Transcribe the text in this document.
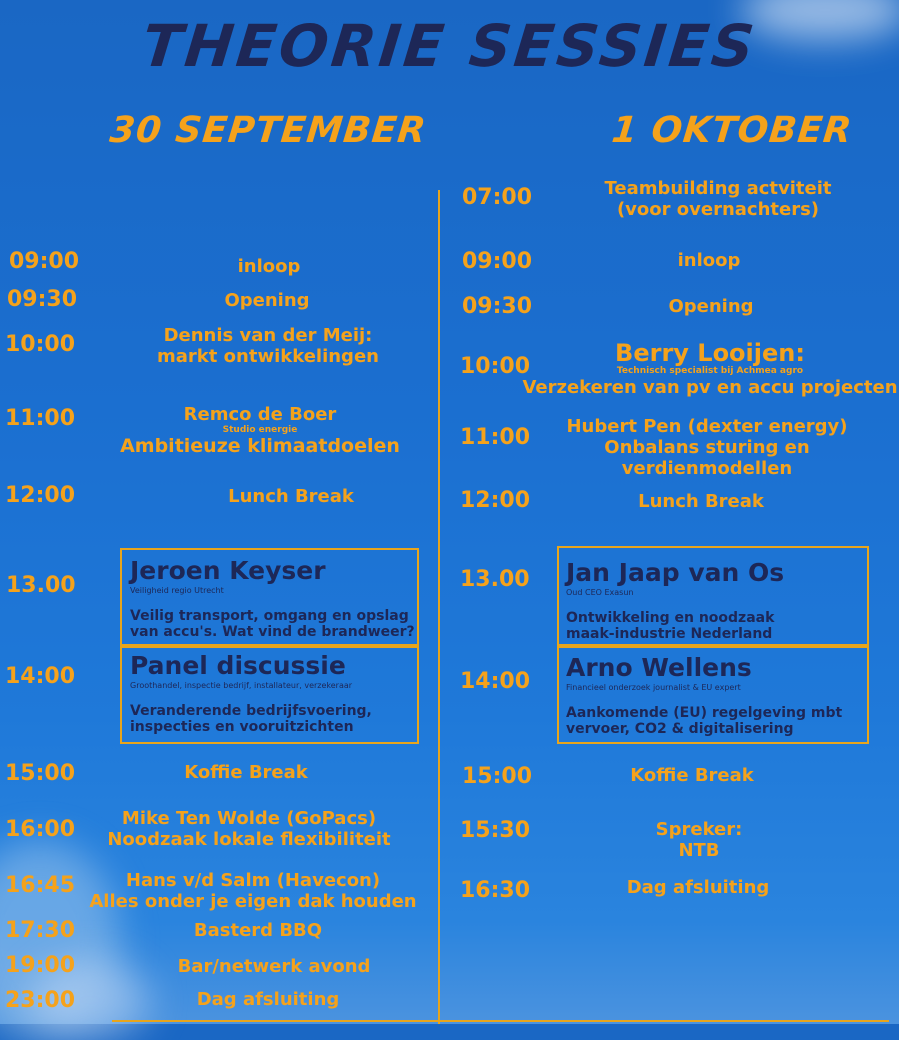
THEORIE SESSIES
30 SEPTEMBER	1 OKTOBER
09:00
09:30
10:00
11:00
12:00
13.00
14:00
15:00
16:00
16:45
17:30
19:00
23:00
inloop
Opening
Dennis van der Meij:
markt ontwikkelingen
Remco de Boer
Studio energie
Ambitieuze klimaatdoelen
Lunch Break
Jeroen Keyser
Veiligheid regio Utrecht
Veilig transport, omgang en opslag
van accu's. Wat vind de brandweer?
Panel discussie
Groothandel, inspectie bedrijf, installateur, verzekeraar
Veranderende bedrijfsvoering,
inspecties en vooruitzichten
Koffie Break
Mike Ten Wolde (GoPacs)
Noodzaak lokale flexibiliteit
Hans v/d Salm (Havecon)
Alles onder je eigen dak houden
Basterd BBQ
Bar/netwerk avond
Dag afsluiting
07:00
09:00
09:30
10:00
11:00
12:00
13.00
14:00
15:00
15:30
16:30
Teambuilding actviteit
(voor overnachters)
inloop
Opening
Berry Looijen:
Technisch specialist bij Achmea agro
Verzekeren van pv en accu projecten
Hubert Pen (dexter energy)
Onbalans sturing en
verdienmodellen
Lunch Break
Jan Jaap van Os
Oud CEO Exasun
Ontwikkeling en noodzaak
maak-industrie Nederland
Arno Wellens
Financieel onderzoek journalist & EU expert
Aankomende (EU) regelgeving mbt
vervoer, CO2 & digitalisering
Koffie Break
Spreker:
NTB
Dag afsluiting
